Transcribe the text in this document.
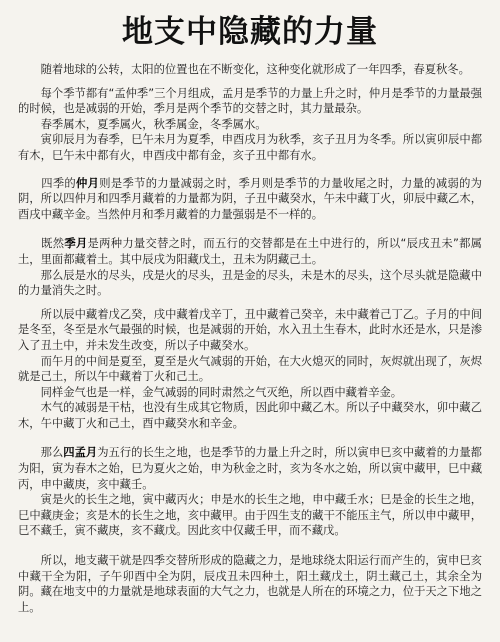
地支中隐藏的力量

　　随着地球的公转，太阳的位置也在不断变化，这种变化就形成了一年四季，春夏秋冬。

　　每个季节都有“孟仲季”三个月组成，孟月是季节的力量上升之时，仲月是季节的力量最强的时候，也是减弱的开始，季月是两个季节的交替之时，其力量最杂。

　　春季属木，夏季属火，秋季属金，冬季属水。

　　寅卯辰月为春季，巳午未月为夏季，申酉戌月为秋季，亥子丑月为冬季。所以寅卯辰中都有木，巳午未中都有火，申酉戌中都有金，亥子丑中都有水。

　　四季的仲月则是季节的力量减弱之时，季月则是季节的力量收尾之时，力量的减弱的为阴，所以四仲月和四季月藏着的力量都为阴，子丑中藏癸水，午未中藏丁火，卯辰中藏乙木，酉戌中藏辛金。当然仲月和季月藏着的力量强弱是不一样的。

　　既然季月是两种力量交替之时，而五行的交替都是在土中进行的，所以“辰戌丑未”都属土，里面都藏着土。其中辰戌为阳藏戊土，丑未为阴藏己土。

　　那么辰是水的尽头，戌是火的尽头，丑是金的尽头，未是木的尽头，这个尽头就是隐藏中的力量消失之时。

　　所以辰中藏着戊乙癸，戌中藏着戊辛丁，丑中藏着己癸辛，未中藏着己丁乙。子月的中间是冬至，冬至是水气最强的时候，也是减弱的开始，水入丑土生春木，此时水还是水，只是渗入了丑土中，并未发生改变，所以子中藏癸水。

　　而午月的中间是夏至，夏至是火气减弱的开始，在大火熄灭的同时，灰烬就出现了，灰烬就是己土，所以午中藏着丁火和己土。

　　同样金气也是一样，金气减弱的同时肃然之气灭绝，所以酉中藏着辛金。

　　木气的减弱是干枯，也没有生成其它物质，因此卯中藏乙木。所以子中藏癸水，卯中藏乙木，午中藏丁火和己土，酉中藏癸水和辛金。

　　那么四孟月为五行的长生之地，也是季节的力量上升之时，所以寅申巳亥中藏着的力量都为阳，寅为春木之始，巳为夏火之始，申为秋金之时，亥为冬水之始，所以寅中藏甲，巳中藏丙，申中藏庚，亥中藏壬。

　　寅是火的长生之地，寅中藏丙火；申是水的长生之地，申中藏壬水；巳是金的长生之地，巳中藏庚金；亥是木的长生之地，亥中藏甲。由于四生支的藏干不能压主气，所以申中藏甲，巳不藏壬，寅不藏庚，亥不藏戊。因此亥中仅藏壬甲，而不藏戊。

　　所以，地支藏干就是四季交替所形成的隐藏之力，是地球绕太阳运行而产生的，寅申巳亥中藏干全为阳，子午卯酉中全为阴，辰戌丑未四种土，阳土藏戊土，阴土藏己土，其余全为阴。藏在地支中的力量就是地球表面的大气之力，也就是人所在的环境之力，位于天之下地之上。
